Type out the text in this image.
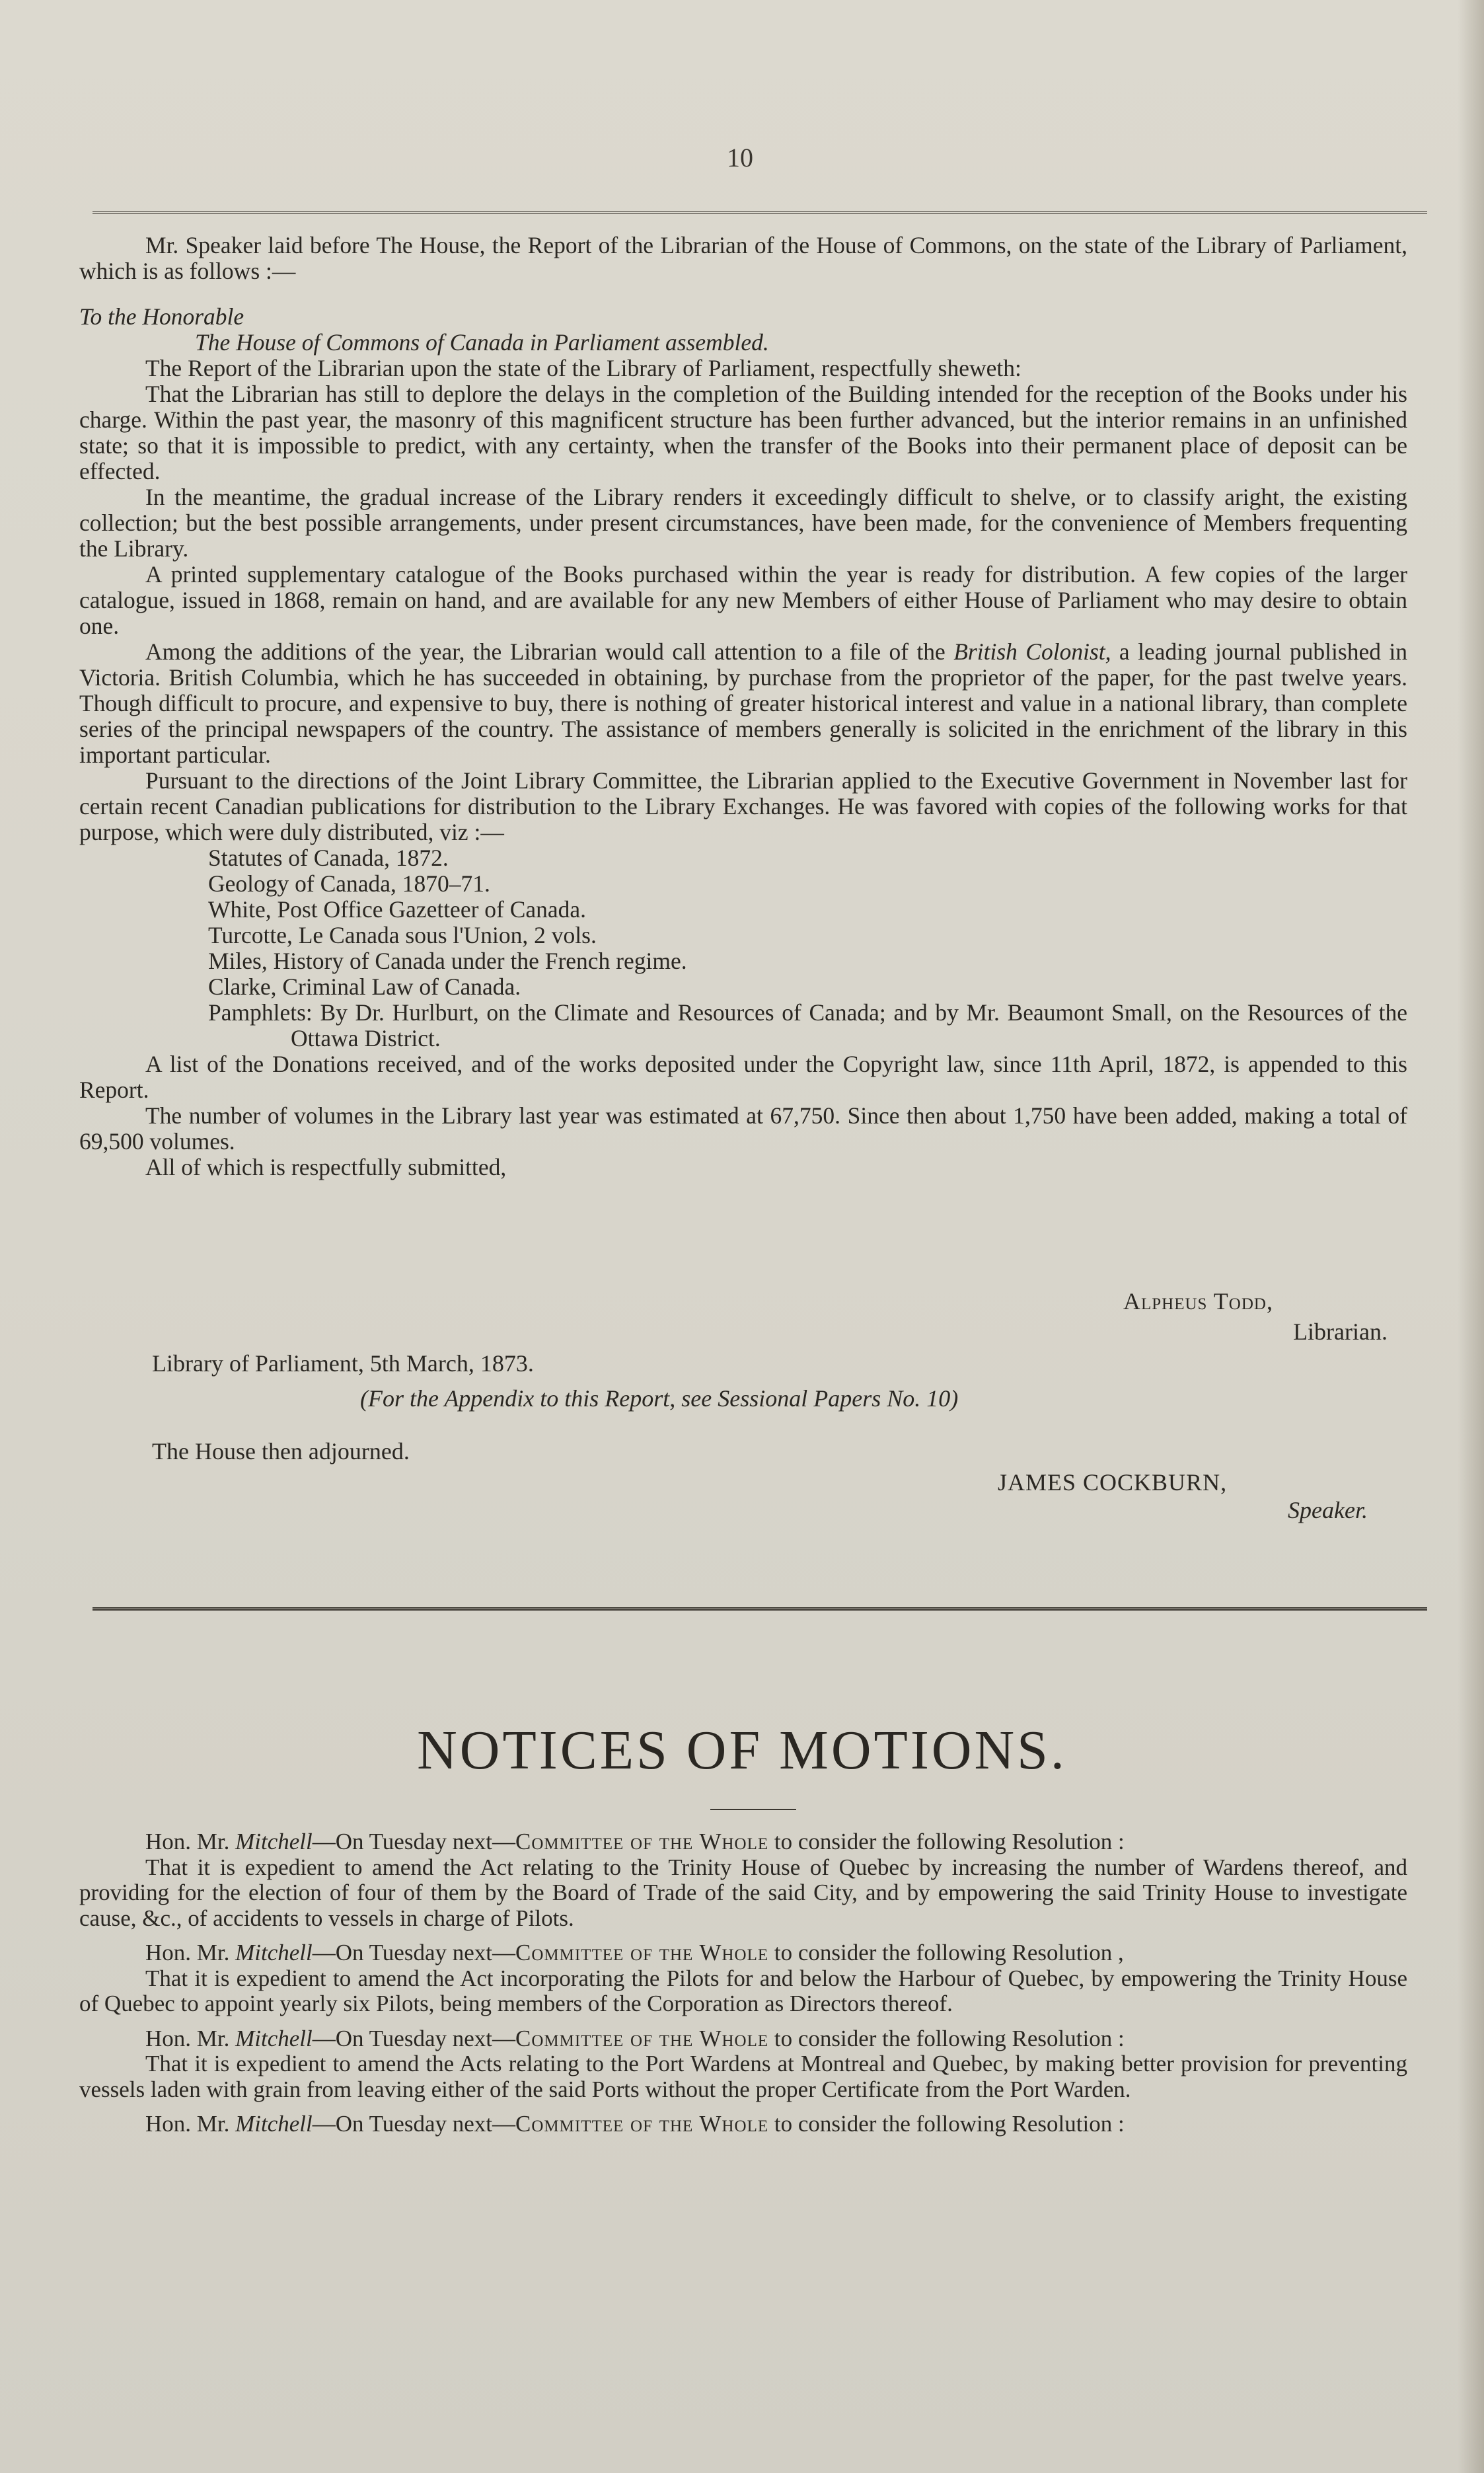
10

Mr. Speaker laid before The House, the Report of the Librarian of the House of Commons, on the state of the Library of Parliament, which is as follows :—

To the Honorable

The House of Commons of Canada in Parliament assembled.

The Report of the Librarian upon the state of the Library of Parliament, respectfully sheweth:

That the Librarian has still to deplore the delays in the completion of the Building intended for the reception of the Books under his charge. Within the past year, the masonry of this magnificent structure has been further advanced, but the interior remains in an unfinished state; so that it is impossible to predict, with any certainty, when the transfer of the Books into their permanent place of deposit can be effected.

In the meantime, the gradual increase of the Library renders it exceedingly difficult to shelve, or to classify aright, the existing collection; but the best possible arrangements, under present circumstances, have been made, for the convenience of Members frequenting the Library.

A printed supplementary catalogue of the Books purchased within the year is ready for distribution. A few copies of the larger catalogue, issued in 1868, remain on hand, and are available for any new Members of either House of Parliament who may desire to obtain one.

Among the additions of the year, the Librarian would call attention to a file of the British Colonist, a leading journal published in Victoria. British Columbia, which he has succeeded in obtaining, by purchase from the proprietor of the paper, for the past twelve years. Though difficult to procure, and expensive to buy, there is nothing of greater historical interest and value in a national library, than complete series of the principal newspapers of the country. The assistance of members generally is solicited in the enrichment of the library in this important particular.

Pursuant to the directions of the Joint Library Committee, the Librarian applied to the Executive Government in November last for certain recent Canadian publications for distribution to the Library Exchanges. He was favored with copies of the following works for that purpose, which were duly distributed, viz :—

Statutes of Canada, 1872.

Geology of Canada, 1870–71.

White, Post Office Gazetteer of Canada.

Turcotte, Le Canada sous l'Union, 2 vols.

Miles, History of Canada under the French regime.

Clarke, Criminal Law of Canada.

Pamphlets: By Dr. Hurlburt, on the Climate and Resources of Canada; and by Mr. Beaumont Small, on the Resources of the Ottawa District.

A list of the Donations received, and of the works deposited under the Copyright law, since 11th April, 1872, is appended to this Report.

The number of volumes in the Library last year was estimated at 67,750. Since then about 1,750 have been added, making a total of 69,500 volumes.

All of which is respectfully submitted,

Alpheus Todd,
Librarian.
Library of Parliament, 5th March, 1873.
(For the Appendix to this Report, see Sessional Papers No. 10)
The House then adjourned.
JAMES COCKBURN,
Speaker.
NOTICES OF MOTIONS.

Hon. Mr. Mitchell—On Tuesday next—Committee of the Whole to consider the following Resolution :

That it is expedient to amend the Act relating to the Trinity House of Quebec by increasing the number of Wardens thereof, and providing for the election of four of them by the Board of Trade of the said City, and by empowering the said Trinity House to investigate cause, &c., of accidents to vessels in charge of Pilots.

Hon. Mr. Mitchell—On Tuesday next—Committee of the Whole to consider the following Resolution ,

That it is expedient to amend the Act incorporating the Pilots for and below the Harbour of Quebec, by empowering the Trinity House of Quebec to appoint yearly six Pilots, being members of the Corporation as Directors thereof.

Hon. Mr. Mitchell—On Tuesday next—Committee of the Whole to consider the following Resolution :

That it is expedient to amend the Acts relating to the Port Wardens at Montreal and Quebec, by making better provision for preventing vessels laden with grain from leaving either of the said Ports without the proper Certificate from the Port Warden.

Hon. Mr. Mitchell—On Tuesday next—Committee of the Whole to consider the following Resolution :
